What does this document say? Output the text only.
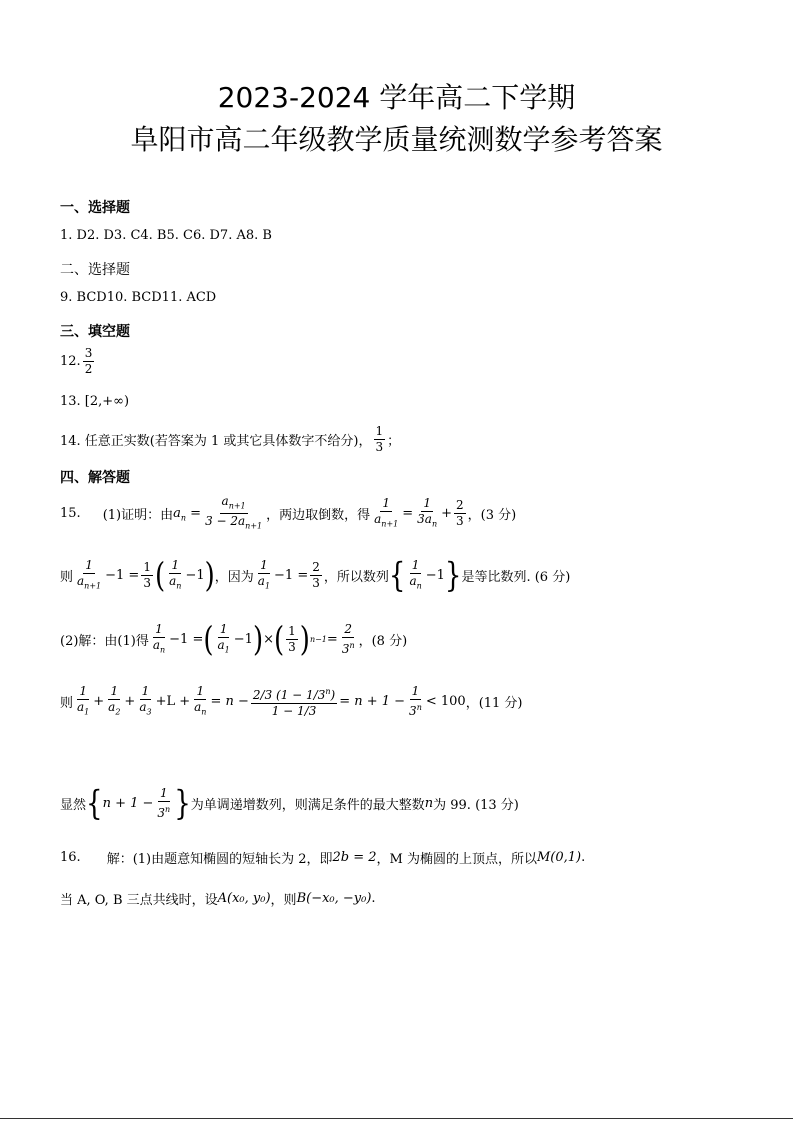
2023-2024 学年高二下学期
阜阳市高二年级教学质量统测数学参考答案
一、选择题
1. D2. D3. C4. B5. C6. D7. A8. B
二、选择题
9. BCD10. BCD11. ACD
三、填空题
12. $\frac{3}{2}$
13. [2,+∞)
14. 任意正实数(若答案为 1 或其它具体数字不给分)， $\frac{1}{3}$ ；
四、解答题
15. (1)证明：由 $a_n = \frac{a_{n+1}}{3 - 2a_{n+1}}$ ，两边取倒数，得 $\frac{1}{a_{n+1}} = \frac{1}{3a_n} + \frac{2}{3}$ ，(3 分)
则 $\frac{1}{a_{n+1}} -1 = \frac{1}{3}$ ( $\frac{1}{a_n} -1$ ) ，因为 $\frac{1}{a_1} -1 = \frac{2}{3}$ ，所以数列 { $\frac{1}{a_n} -1$ } 是等比数列. (6 分)
(2)解：由(1)得 $\frac{1}{a_n} -1$ = ( $\frac{1}{a_1} -1$ ) × ( $\frac{1}{3}$ ) $n-1 = \frac{2}{3^n}$ ，(8 分)
则 $\frac{1}{a_1} + \frac{1}{a_2} + \frac{1}{a_3} +L + \frac{1}{a_n} = n - \frac{2/3 (1 - 1/3^n)}{1 - 1/3} = n + 1 - \frac{1}{3^n} < 100$ ，(11 分)
显然 { $n + 1 - \frac{1}{3^n}$ } 为单调递增数列，则满足条件的最大整数 n 为 99. (13 分)
16. 解：(1)由题意知椭圆的短轴长为 2，即 2b = 2 ，M 为椭圆的上顶点，所以 M(0,1) .
当 A, O, B 三点共线时，设 A(x₀, y₀) ，则 B(−x₀, −y₀) .
